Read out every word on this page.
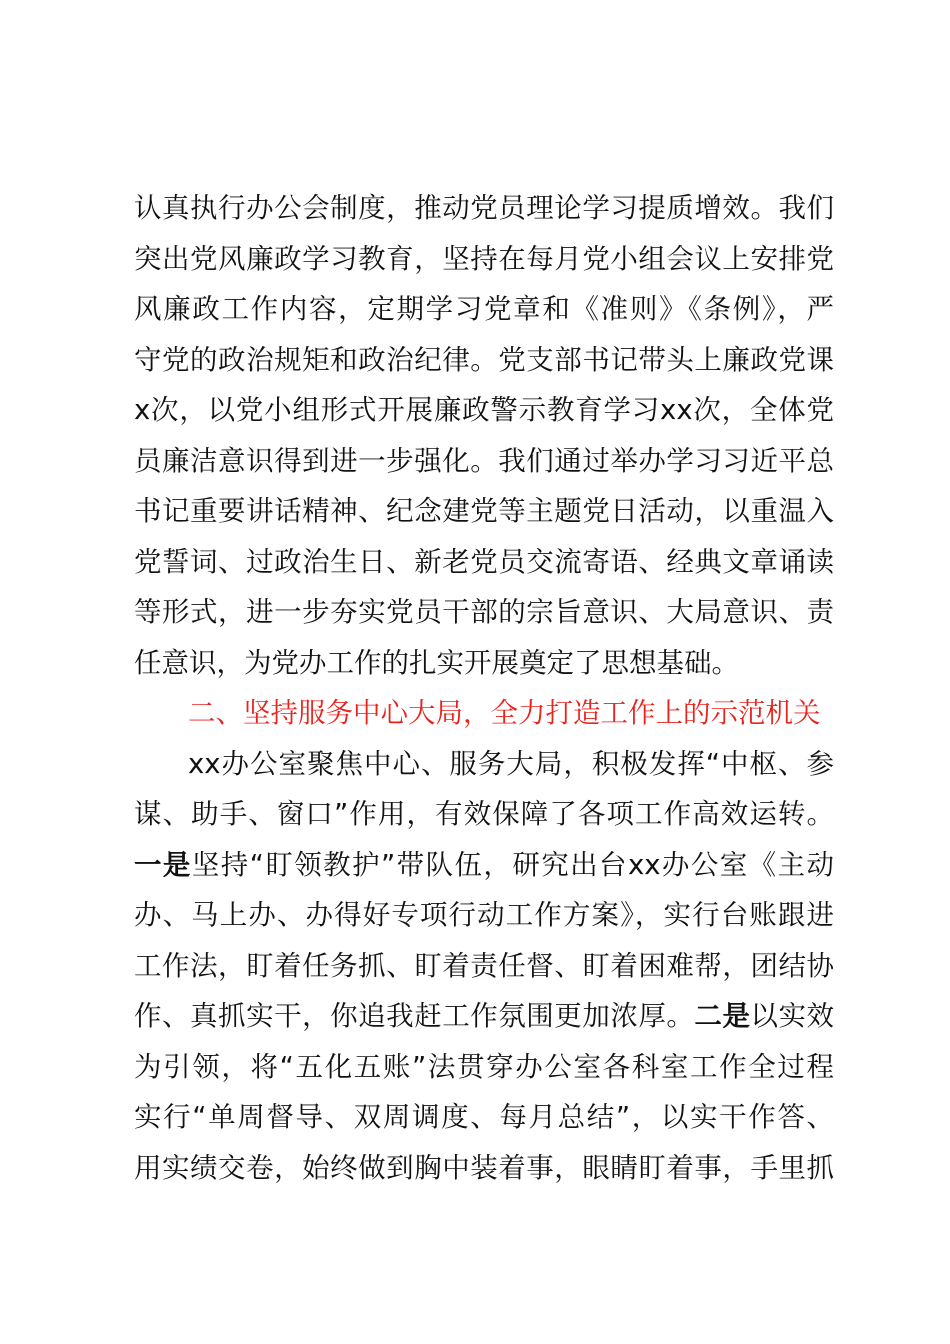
认真执行办公会制度，推动党员理论学习提质增效。我们
突出党风廉政学习教育，坚持在每月党小组会议上安排党
风廉政工作内容，定期学习党章和《准则》《条例》，严
守党的政治规矩和政治纪律。党支部书记带头上廉政党课
x次，以党小组形式开展廉政警示教育学习xx次，全体党
员廉洁意识得到进一步强化。我们通过举办学习习近平总
书记重要讲话精神、纪念建党等主题党日活动，以重温入
党誓词、过政治生日、新老党员交流寄语、经典文章诵读
等形式，进一步夯实党员干部的宗旨意识、大局意识、责
任意识，为党办工作的扎实开展奠定了思想基础。
二、坚持服务中心大局，全力打造工作上的示范机关
xx办公室聚焦中心、服务大局，积极发挥“中枢、参
谋、助手、窗口”作用，有效保障了各项工作高效运转。
一是坚持“盯领教护”带队伍，研究出台xx办公室《主动
办、马上办、办得好专项行动工作方案》，实行台账跟进
工作法，盯着任务抓、盯着责任督、盯着困难帮，团结协
作、真抓实干，你追我赶工作氛围更加浓厚。二是以实效
为引领，将“五化五账”法贯穿办公室各科室工作全过程
实行“单周督导、双周调度、每月总结”，以实干作答、
用实绩交卷，始终做到胸中装着事，眼睛盯着事，手里抓
